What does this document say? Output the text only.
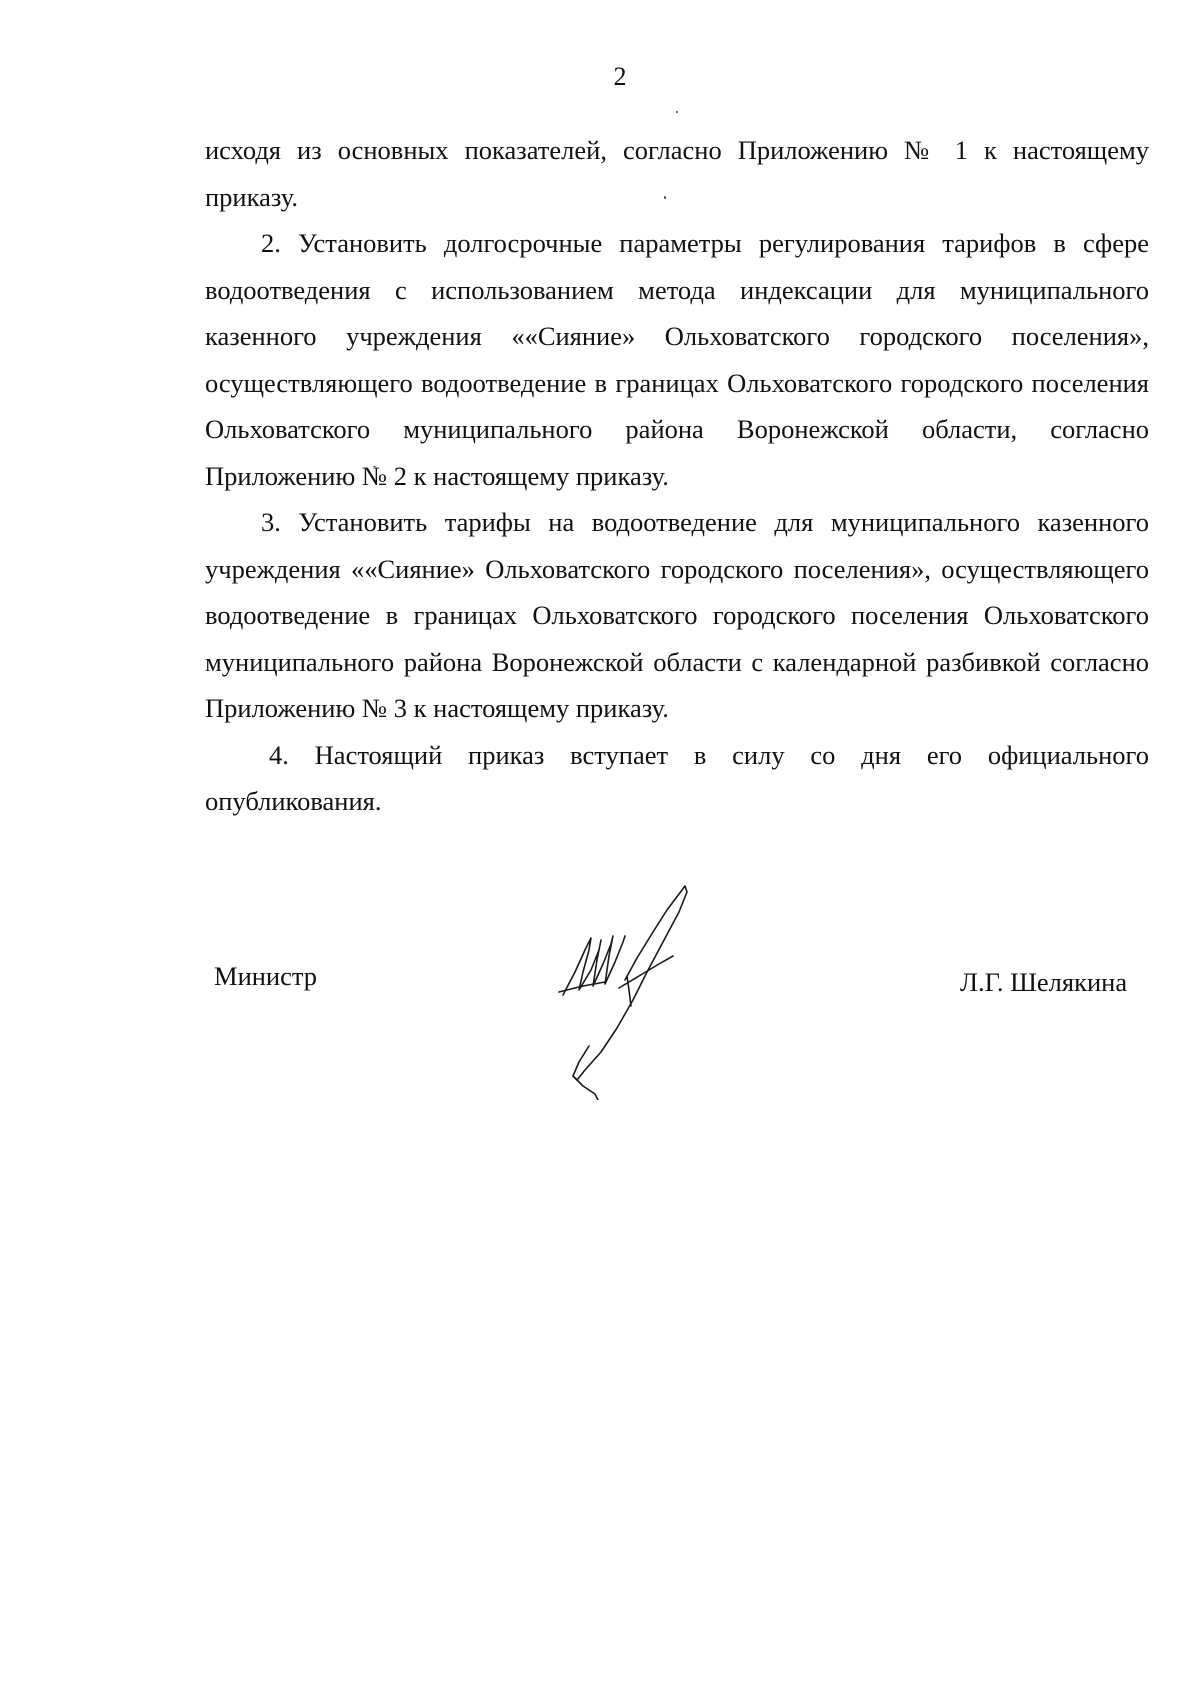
2

исходя из основных показателей, согласно Приложению № 1 к настоящему приказу.

2. Установить долгосрочные параметры регулирования тарифов в сфере водоотведения с использованием метода индексации для муниципального казенного учреждения ««Сияние» Ольховатского городского поселения», осуществляющего водоотведение в границах Ольховатского городского поселения Ольховатского муниципального района Воронежской области, согласно Приложению № 2 к настоящему приказу.

3. Установить тарифы на водоотведение для муниципального казенного учреждения ««Сияние» Ольховатского городского поселения», осуществляющего водоотведение в границах Ольховатского городского поселения Ольховатского муниципального района Воронежской области с календарной разбивкой согласно Приложению № 3 к настоящему приказу.

4. Настоящий приказ вступает в силу со дня его официального опубликования.

Министр	Л.Г. Шелякина
